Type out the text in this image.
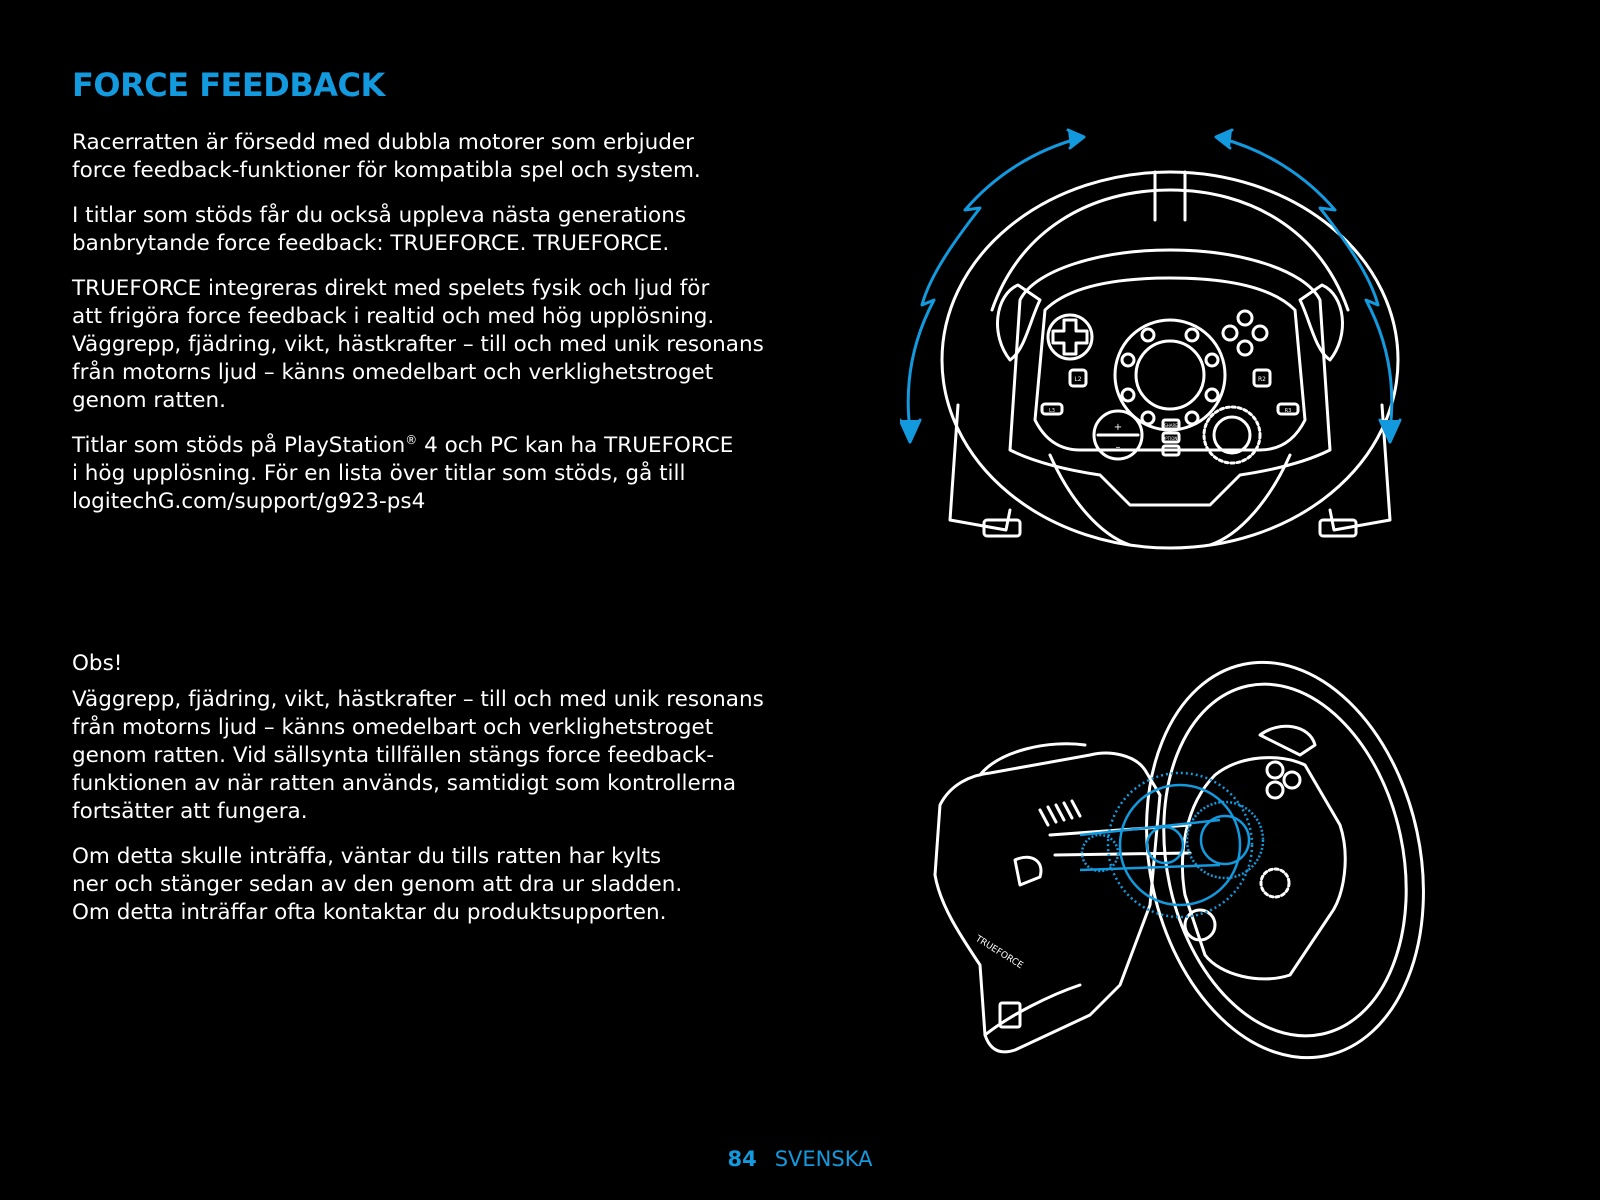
FORCE FEEDBACK

Racerratten är försedd med dubbla motorer som erbjuder
force feedback-funktioner för kompatibla spel och system.

I titlar som stöds får du också uppleva nästa generations
banbrytande force feedback: TRUEFORCE. TRUEFORCE.

TRUEFORCE integreras direkt med spelets fysik och ljud för
att frigöra force feedback i realtid och med hög upplösning.
Väggrepp, fjädring, vikt, hästkrafter – till och med unik resonans
från motorns ljud – känns omedelbart och verklighetstroget
genom ratten.

Titlar som stöds på PlayStation® 4 och PC kan ha TRUEFORCE
i hög upplösning. För en lista över titlar som stöds, gå till
logitechG.com/support/g923-ps4

Obs!

Väggrepp, fjädring, vikt, hästkrafter – till och med unik resonans
från motorns ljud – känns omedelbart och verklighetstroget
genom ratten. Vid sällsynta tillfällen stängs force feedback-
funktionen av när ratten används, samtidigt som kontrollerna
fortsätter att fungera.

Om detta skulle inträffa, väntar du tills ratten har kylts
ner och stänger sedan av den genom att dra ur sladden.
Om detta inträffar ofta kontaktar du produktsupporten.

L2	R2
L3	R3
+
–
SHARE
OPTIONS
TRUEFORCE
84 SVENSKA
